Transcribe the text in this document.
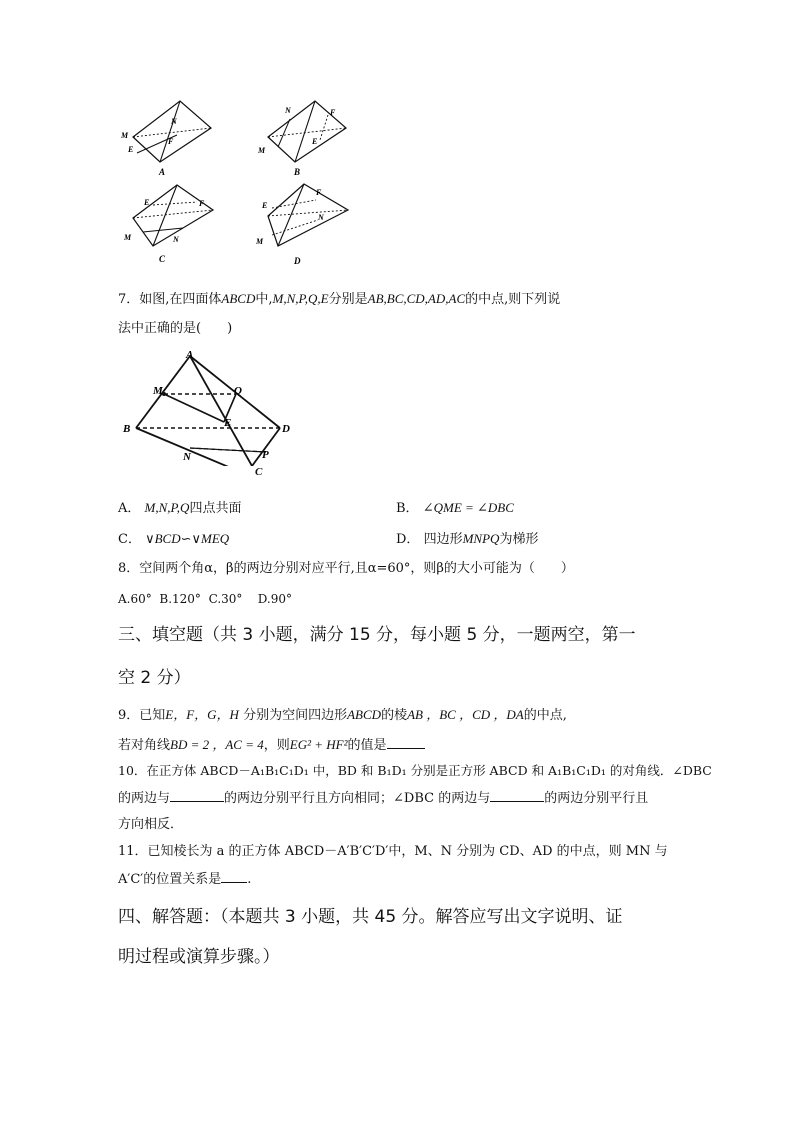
M
N
E
F
A
N	F
M
E
B
E	F
M	N
C
F
E
N
M
D
7．如图,在四面体ABCD中,M,N,P,Q,E分别是AB,BC,CD,AD,AC的中点,则下列说
法中正确的是(　　)
A
M	Q
E
B	D
N	P
C
A． M,N,P,Q四点共面	B． ∠QME = ∠DBC
C． ∨BCD∽∨MEQ	D． 四边形MNPQ为梯形
8．空间两个角α，β的两边分别对应平行,且α=60°，则β的大小可能为（　　）
A.60° B.120° C.30° D.90°
三、填空题（共 3 小题，满分 15 分，每小题 5 分，一题两空，第一
空 2 分）
9．已知E，F，G，H 分别为空间四边形ABCD的棱AB ，BC ，CD ，DA的中点,
若对角线BD = 2 ，AC = 4，则EG² + HF²的值是
10．在正方体 ABCD－A₁B₁C₁D₁ 中，BD 和 B₁D₁ 分别是正方形 ABCD 和 A₁B₁C₁D₁ 的对角线．∠DBC
的两边与	的两边分别平行且方向相同；∠DBC 的两边与	的两边分别平行且
方向相反．
11．已知棱长为 a 的正方体 ABCD－A′B′C′D′中，M、N 分别为 CD、AD 的中点，则 MN 与
A′C′的位置关系是 .
四、解答题：（本题共 3 小题，共 45 分。解答应写出文字说明、证
明过程或演算步骤。）
